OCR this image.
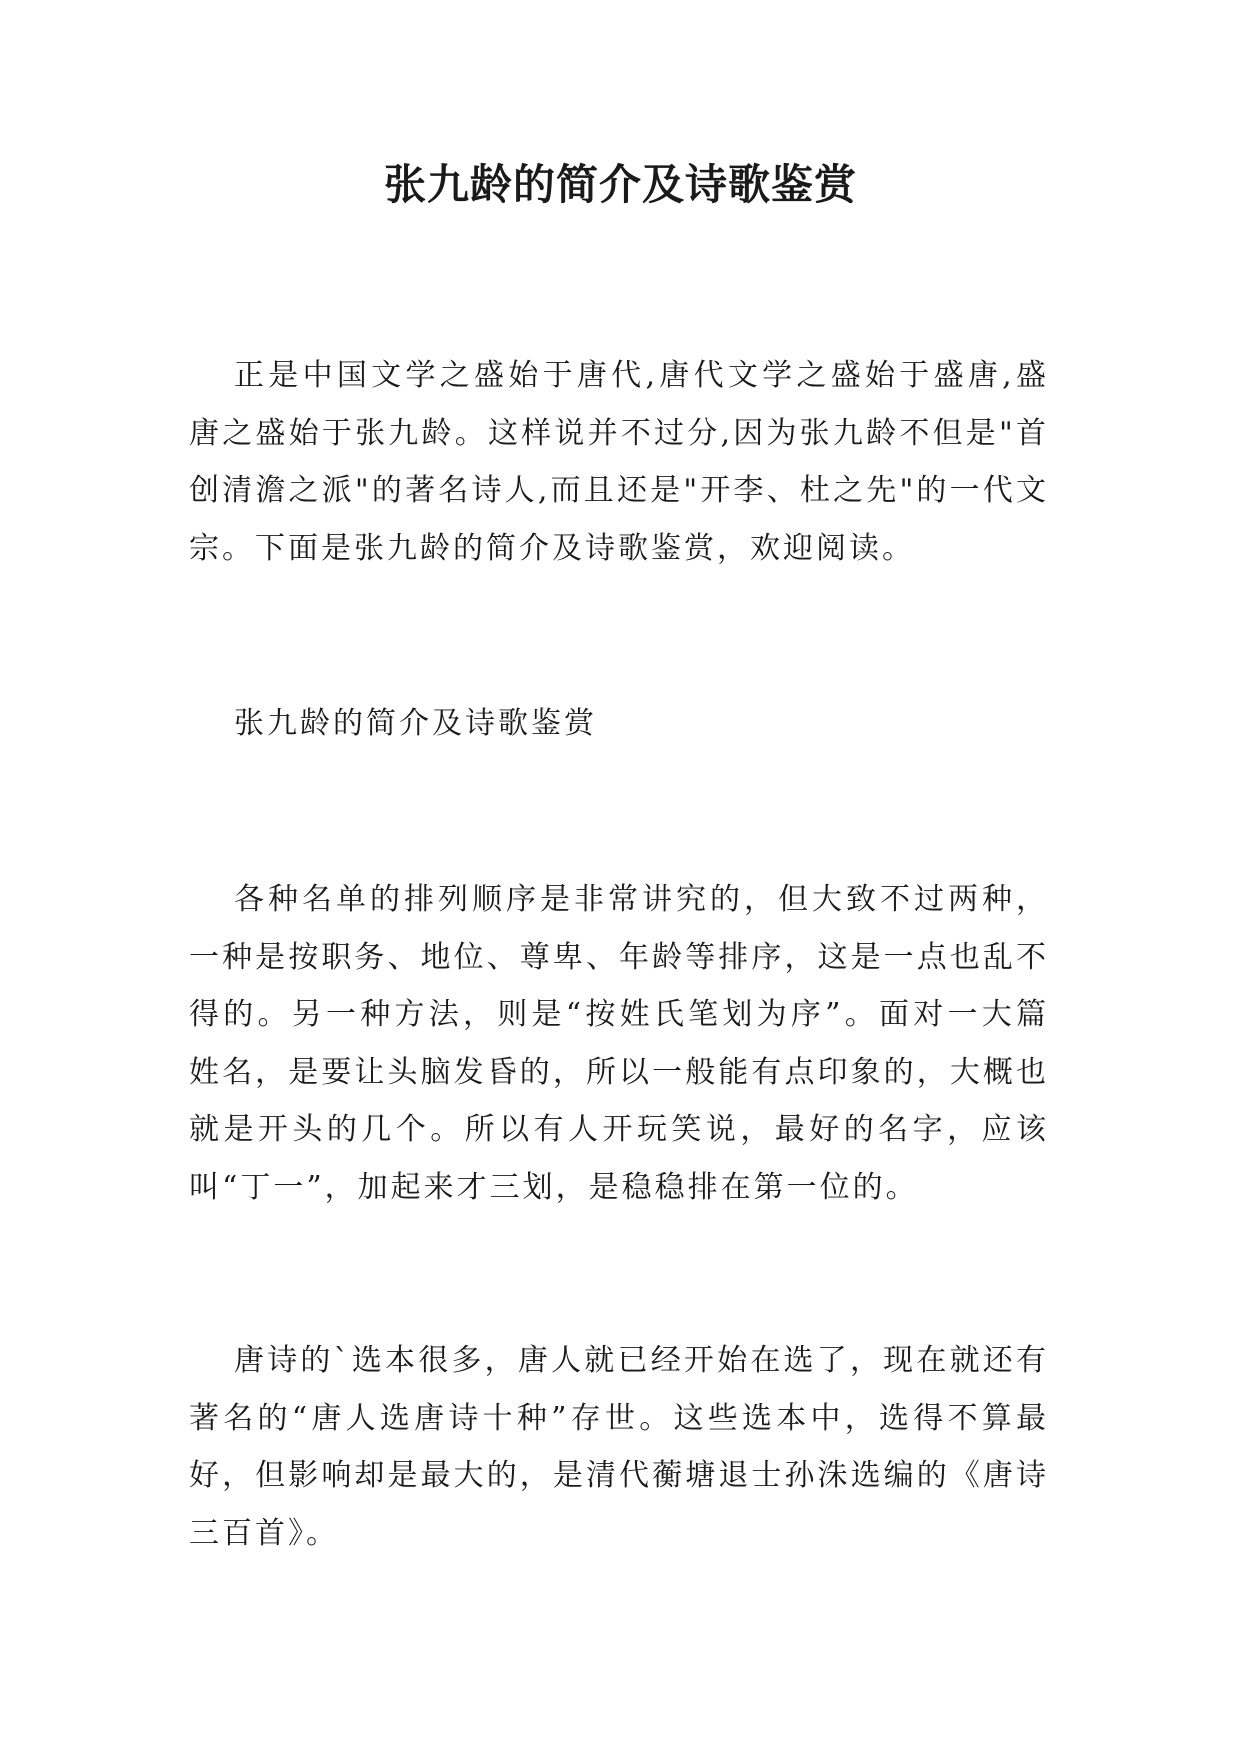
张九龄的简介及诗歌鉴赏

正是中国文学之盛始于唐代,唐代文学之盛始于盛唐,盛唐之盛始于张九龄。这样说并不过分,因为张九龄不但是"首创清澹之派"的著名诗人,而且还是"开李、杜之先"的一代文宗。下面是张九龄的简介及诗歌鉴赏，欢迎阅读。

张九龄的简介及诗歌鉴赏

各种名单的排列顺序是非常讲究的，但大致不过两种，一种是按职务、地位、尊卑、年龄等排序，这是一点也乱不得的。另一种方法，则是“按姓氏笔划为序”。面对一大篇姓名，是要让头脑发昏的，所以一般能有点印象的，大概也就是开头的几个。所以有人开玩笑说，最好的名字，应该叫“丁一”，加起来才三划，是稳稳排在第一位的。

唐诗的`选本很多，唐人就已经开始在选了，现在就还有著名的“唐人选唐诗十种”存世。这些选本中，选得不算最好，但影响却是最大的，是清代蘅塘退士孙洙选编的《唐诗三百首》。
